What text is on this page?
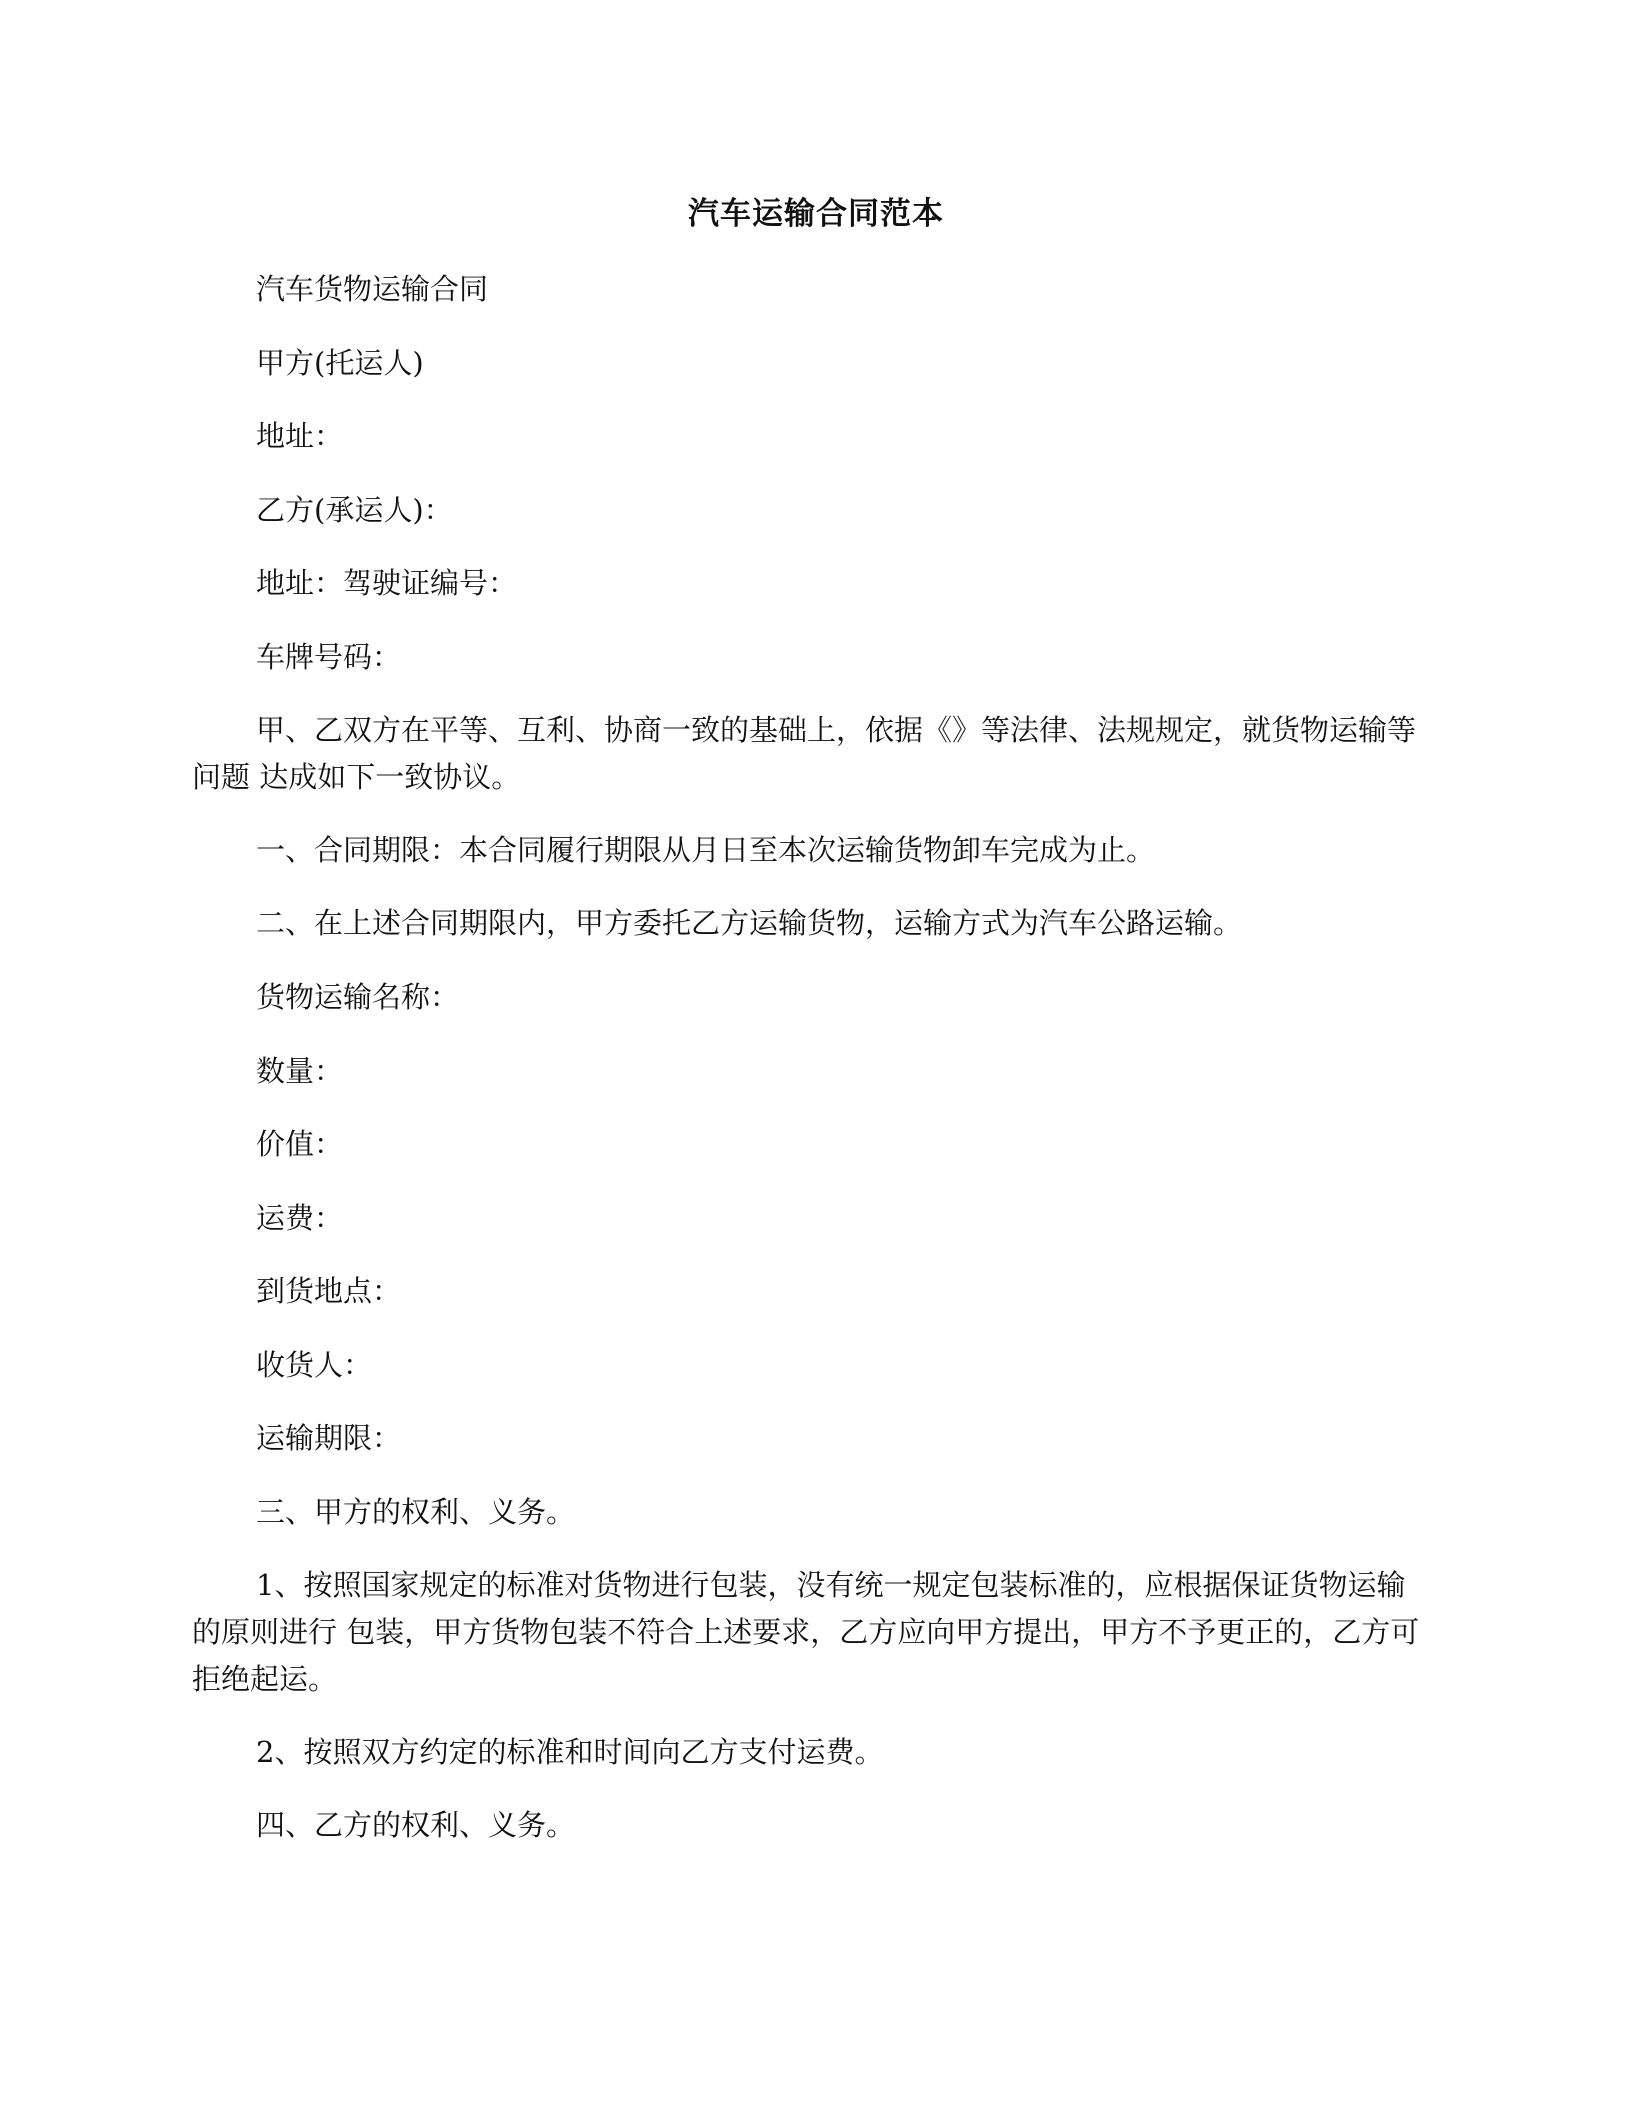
汽车运输合同范本

汽车货物运输合同

甲方(托运人)

地址：

乙方(承运人)：

地址：驾驶证编号：

车牌号码：

甲、乙双方在平等、互利、协商一致的基础上，依据《》等法律、法规规定，就货物运输等问题 达成如下一致协议。

一、合同期限：本合同履行期限从月日至本次运输货物卸车完成为止。

二、在上述合同期限内，甲方委托乙方运输货物，运输方式为汽车公路运输。

货物运输名称：

数量：

价值：

运费：

到货地点：

收货人：

运输期限：

三、甲方的权利、义务。

1、按照国家规定的标准对货物进行包装，没有统一规定包装标准的，应根据保证货物运输的原则进行 包装，甲方货物包装不符合上述要求，乙方应向甲方提出，甲方不予更正的，乙方可拒绝起运。

2、按照双方约定的标准和时间向乙方支付运费。

四、乙方的权利、义务。
